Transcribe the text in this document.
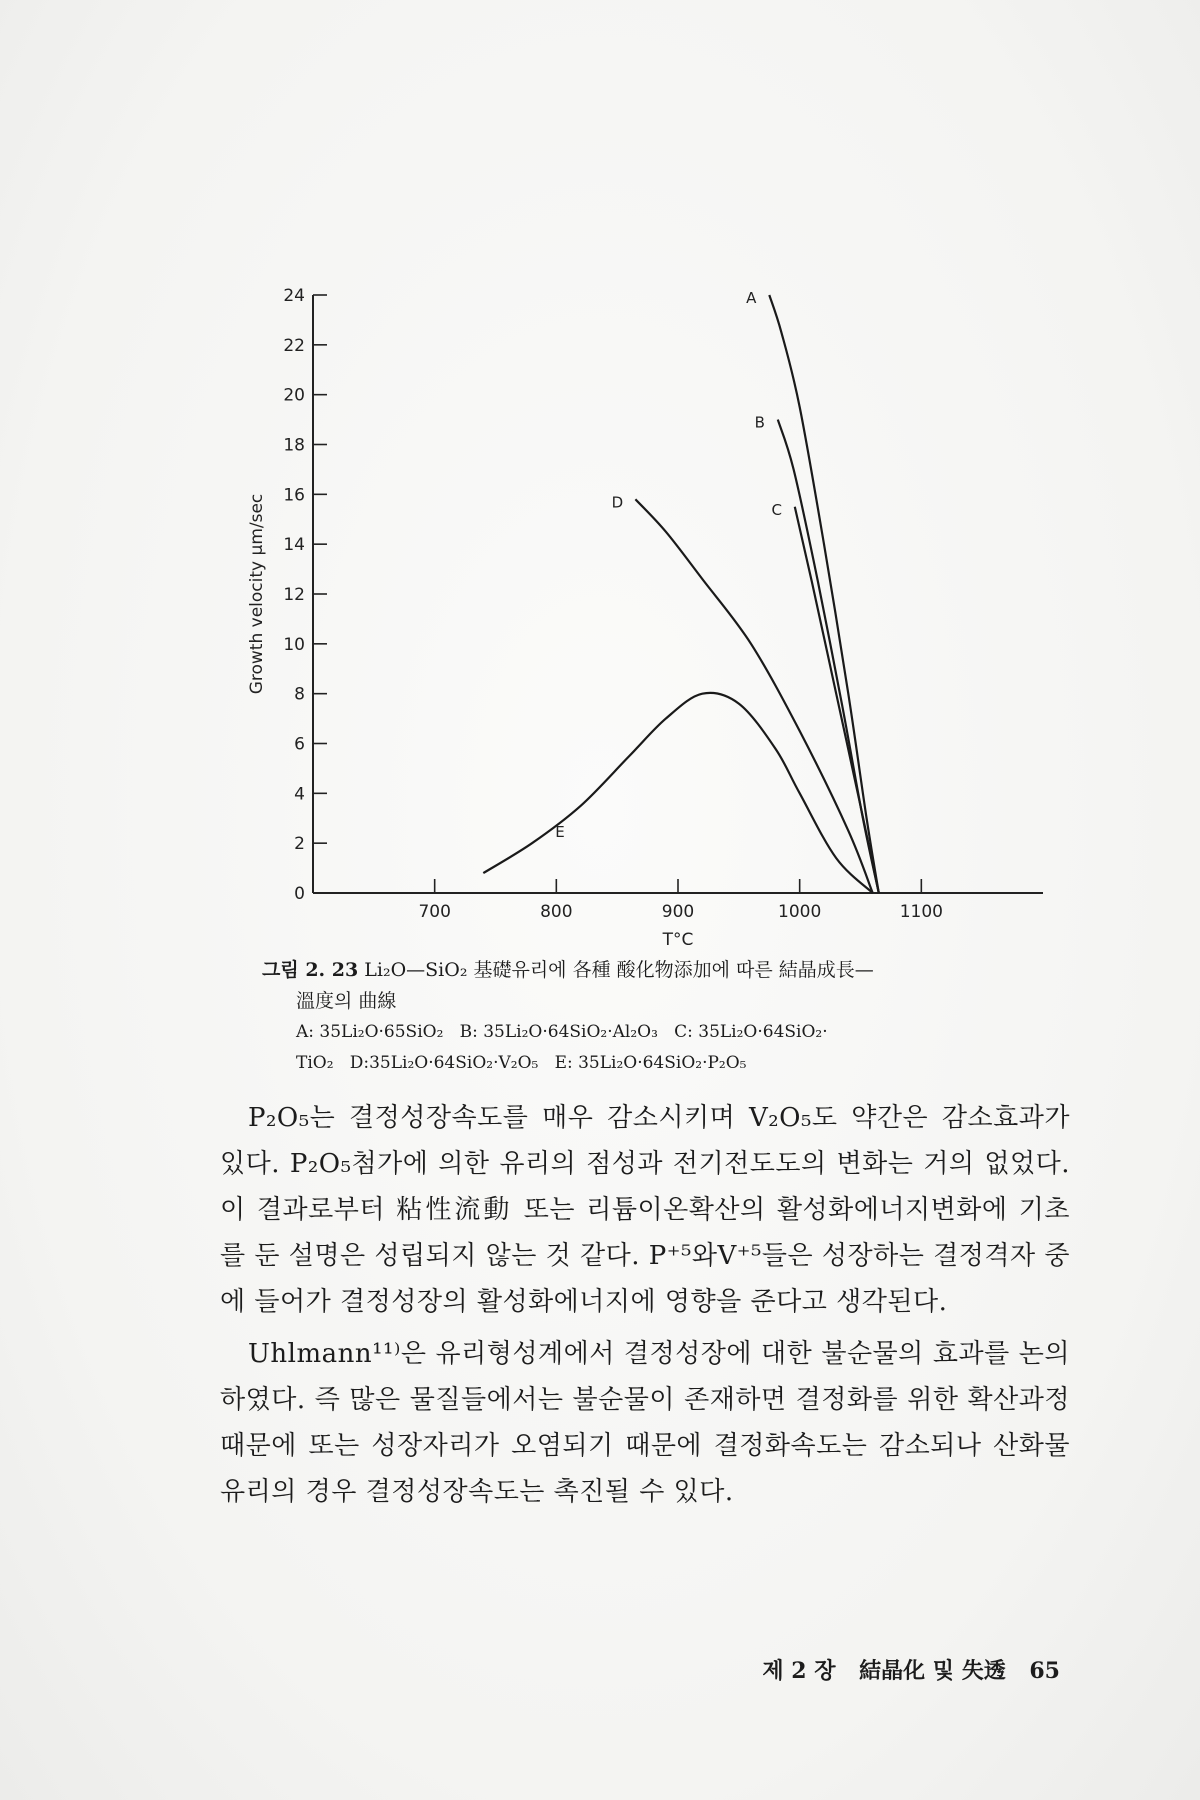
0
2
4
6
8
10
12
14
16
18
20
22
24
700	800	900	1000	1100
T°C
Growth velocity μm/sec
A
B
C
D
E
그림 2. 23 Li₂O—SiO₂ 基礎유리에 各種 酸化物添加에 따른 結晶成長—
溫度의 曲線
A: 35Li₂O·65SiO₂ B: 35Li₂O·64SiO₂·Al₂O₃ C: 35Li₂O·64SiO₂·
TiO₂ D:35Li₂O·64SiO₂·V₂O₅ E: 35Li₂O·64SiO₂·P₂O₅

P₂O₅는 결정성장속도를 매우 감소시키며 V₂O₅도 약간은 감소효과가 있다. P₂O₅첨가에 의한 유리의 점성과 전기전도도의 변화는 거의 없었다. 이 결과로부터 粘性流動 또는 리튬이온확산의 활성화에너지변화에 기초를 둔 설명은 성립되지 않는 것 같다. P⁺⁵와V⁺⁵들은 성장하는 결정격자 중에 들어가 결정성장의 활성화에너지에 영향을 준다고 생각된다.

Uhlmann¹¹⁾은 유리형성계에서 결정성장에 대한 불순물의 효과를 논의하였다. 즉 많은 물질들에서는 불순물이 존재하면 결정화를 위한 확산과정 때문에 또는 성장자리가 오염되기 때문에 결정화속도는 감소되나 산화물유리의 경우 결정성장속도는 촉진될 수 있다.

제 2 장 結晶化 및 失透 65
